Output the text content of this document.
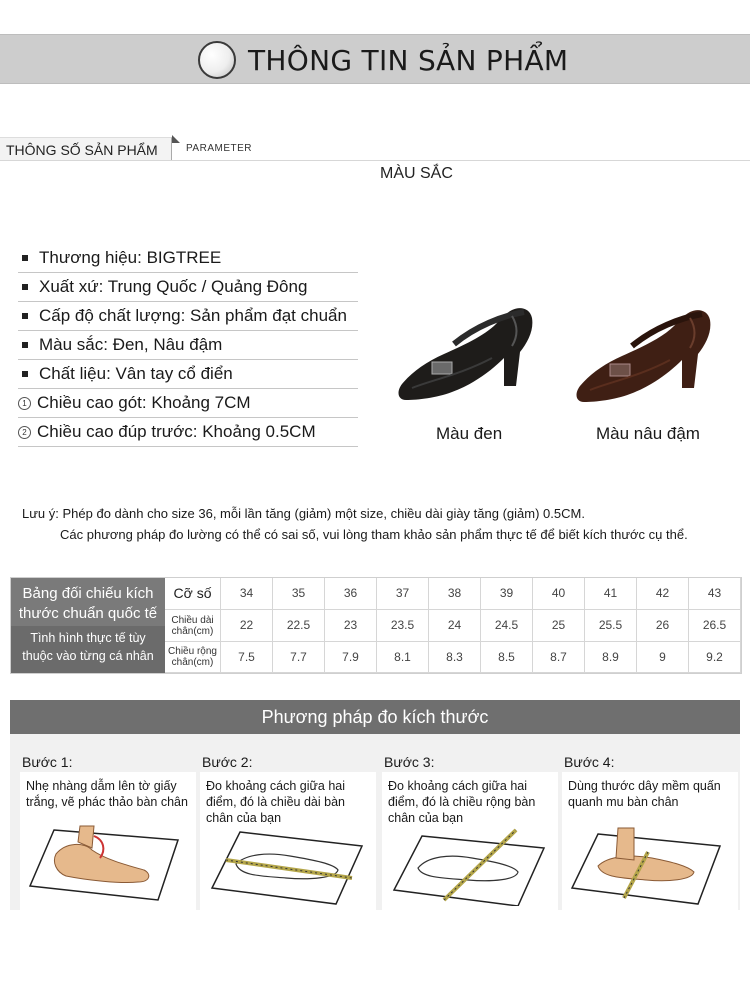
THÔNG TIN SẢN PHẨM
THÔNG SỐ SẢN PHẨM	PARAMETER
MÀU SẮC
Thương hiệu: BIGTREE
Xuất xứ: Trung Quốc / Quảng Đông
Cấp độ chất lượng: Sản phẩm đạt chuẩn
Màu sắc: Đen, Nâu đậm
Chất liệu: Vân tay cổ điển
1 Chiều cao gót: Khoảng 7CM
2 Chiều cao đúp trước: Khoảng 0.5CM	Màu đen	Màu nâu đậm
Lưu ý: Phép đo dành cho size 36, mỗi lần tăng (giảm) một size, chiều dài giày tăng (giảm) 0.5CM.
Các phương pháp đo lường có thể có sai số, vui lòng tham khảo sản phẩm thực tế để biết kích thước cụ thể.
Bảng đối chiếu kích
thước chuẩn quốc tế
Tình hình thực tế tùy
thuộc vào từng cá nhân
Cỡ số	34	35	36	37	38	39	40	41	42	43
Chiều dài chân(cm)	22	22.5	23	23.5	24	24.5	25	25.5	26	26.5
Chiều rộng chân(cm)	7.5	7.7	7.9	8.1	8.3	8.5	8.7	8.9	9	9.2
Phương pháp đo kích thước
Bước 1:
Nhẹ nhàng dẫm lên tờ giấy trắng, vẽ phác thảo bàn chân
Bước 2:
Đo khoảng cách giữa hai điểm, đó là chiều dài bàn chân của bạn
Bước 3:
Đo khoảng cách giữa hai điểm, đó là chiều rộng bàn chân của bạn
Bước 4:
Dùng thước dây mềm quấn quanh mu bàn chân
